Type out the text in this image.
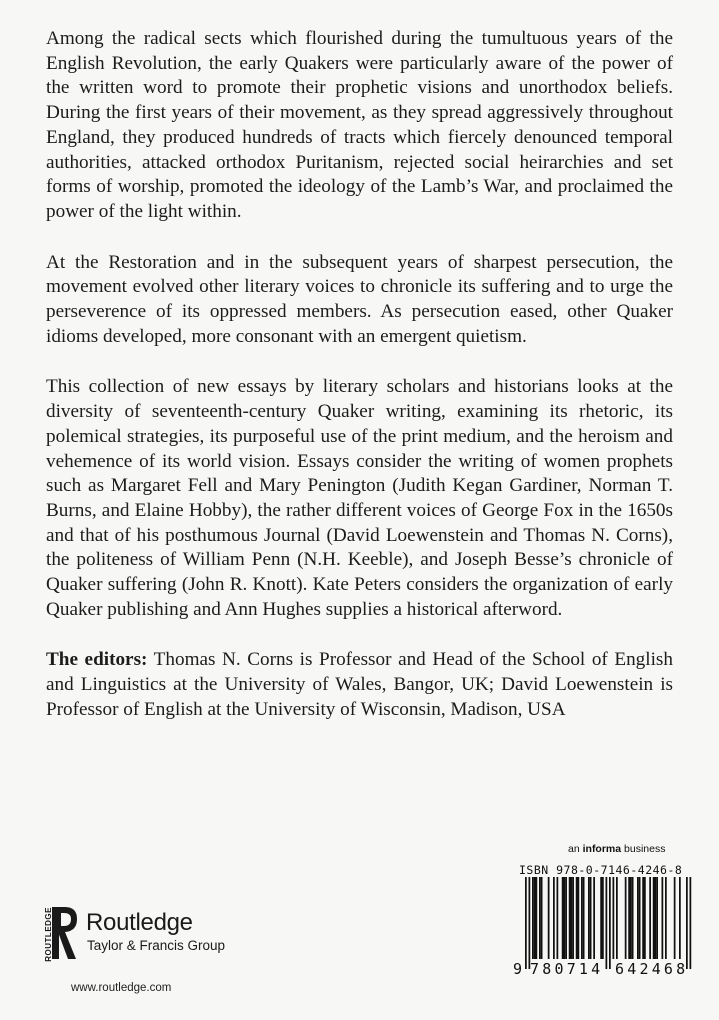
Among the radical sects which flourished during the tumultuous years of the English Revolution, the early Quakers were particularly aware of the power of the written word to promote their prophetic visions and unorthodox beliefs. During the first years of their movement, as they spread aggressively throughout England, they produced hundreds of tracts which fiercely denounced temporal authorities, attacked orthodox Puritanism, rejected social heirarchies and set forms of worship, promoted the ideology of the Lamb’s War, and proclaimed the power of the light within.

At the Restoration and in the subsequent years of sharpest persecution, the movement evolved other literary voices to chronicle its suffering and to urge the perseverence of its oppressed members. As persecution eased, other Quaker idioms developed, more consonant with an emergent quietism.

This collection of new essays by literary scholars and historians looks at the diversity of seventeenth-century Quaker writing, examining its rhetoric, its polemical strategies, its purposeful use of the print medium, and the heroism and vehemence of its world vision. Essays consider the writing of women prophets such as Margaret Fell and Mary Penington (Judith Kegan Gardiner, Norman T. Burns, and Elaine Hobby), the rather different voices of George Fox in the 1650s and that of his posthumous Journal (David Loewenstein and Thomas N. Corns), the politeness of William Penn (N.H. Keeble), and Joseph Besse’s chronicle of Quaker suffering (John R. Knott). Kate Peters considers the organization of early Quaker publishing and Ann Hughes supplies a historical afterword.

The editors: Thomas N. Corns is Professor and Head of the School of English and Linguistics at the University of Wales, Bangor, UK; David Loewenstein is Professor of English at the University of Wisconsin, Madison, USA

an informa business
ISBN 978-0-7146-4246-8
9 780714 642468
ROUTLEDGE Routledge
Taylor & Francis Group
www.routledge.com
